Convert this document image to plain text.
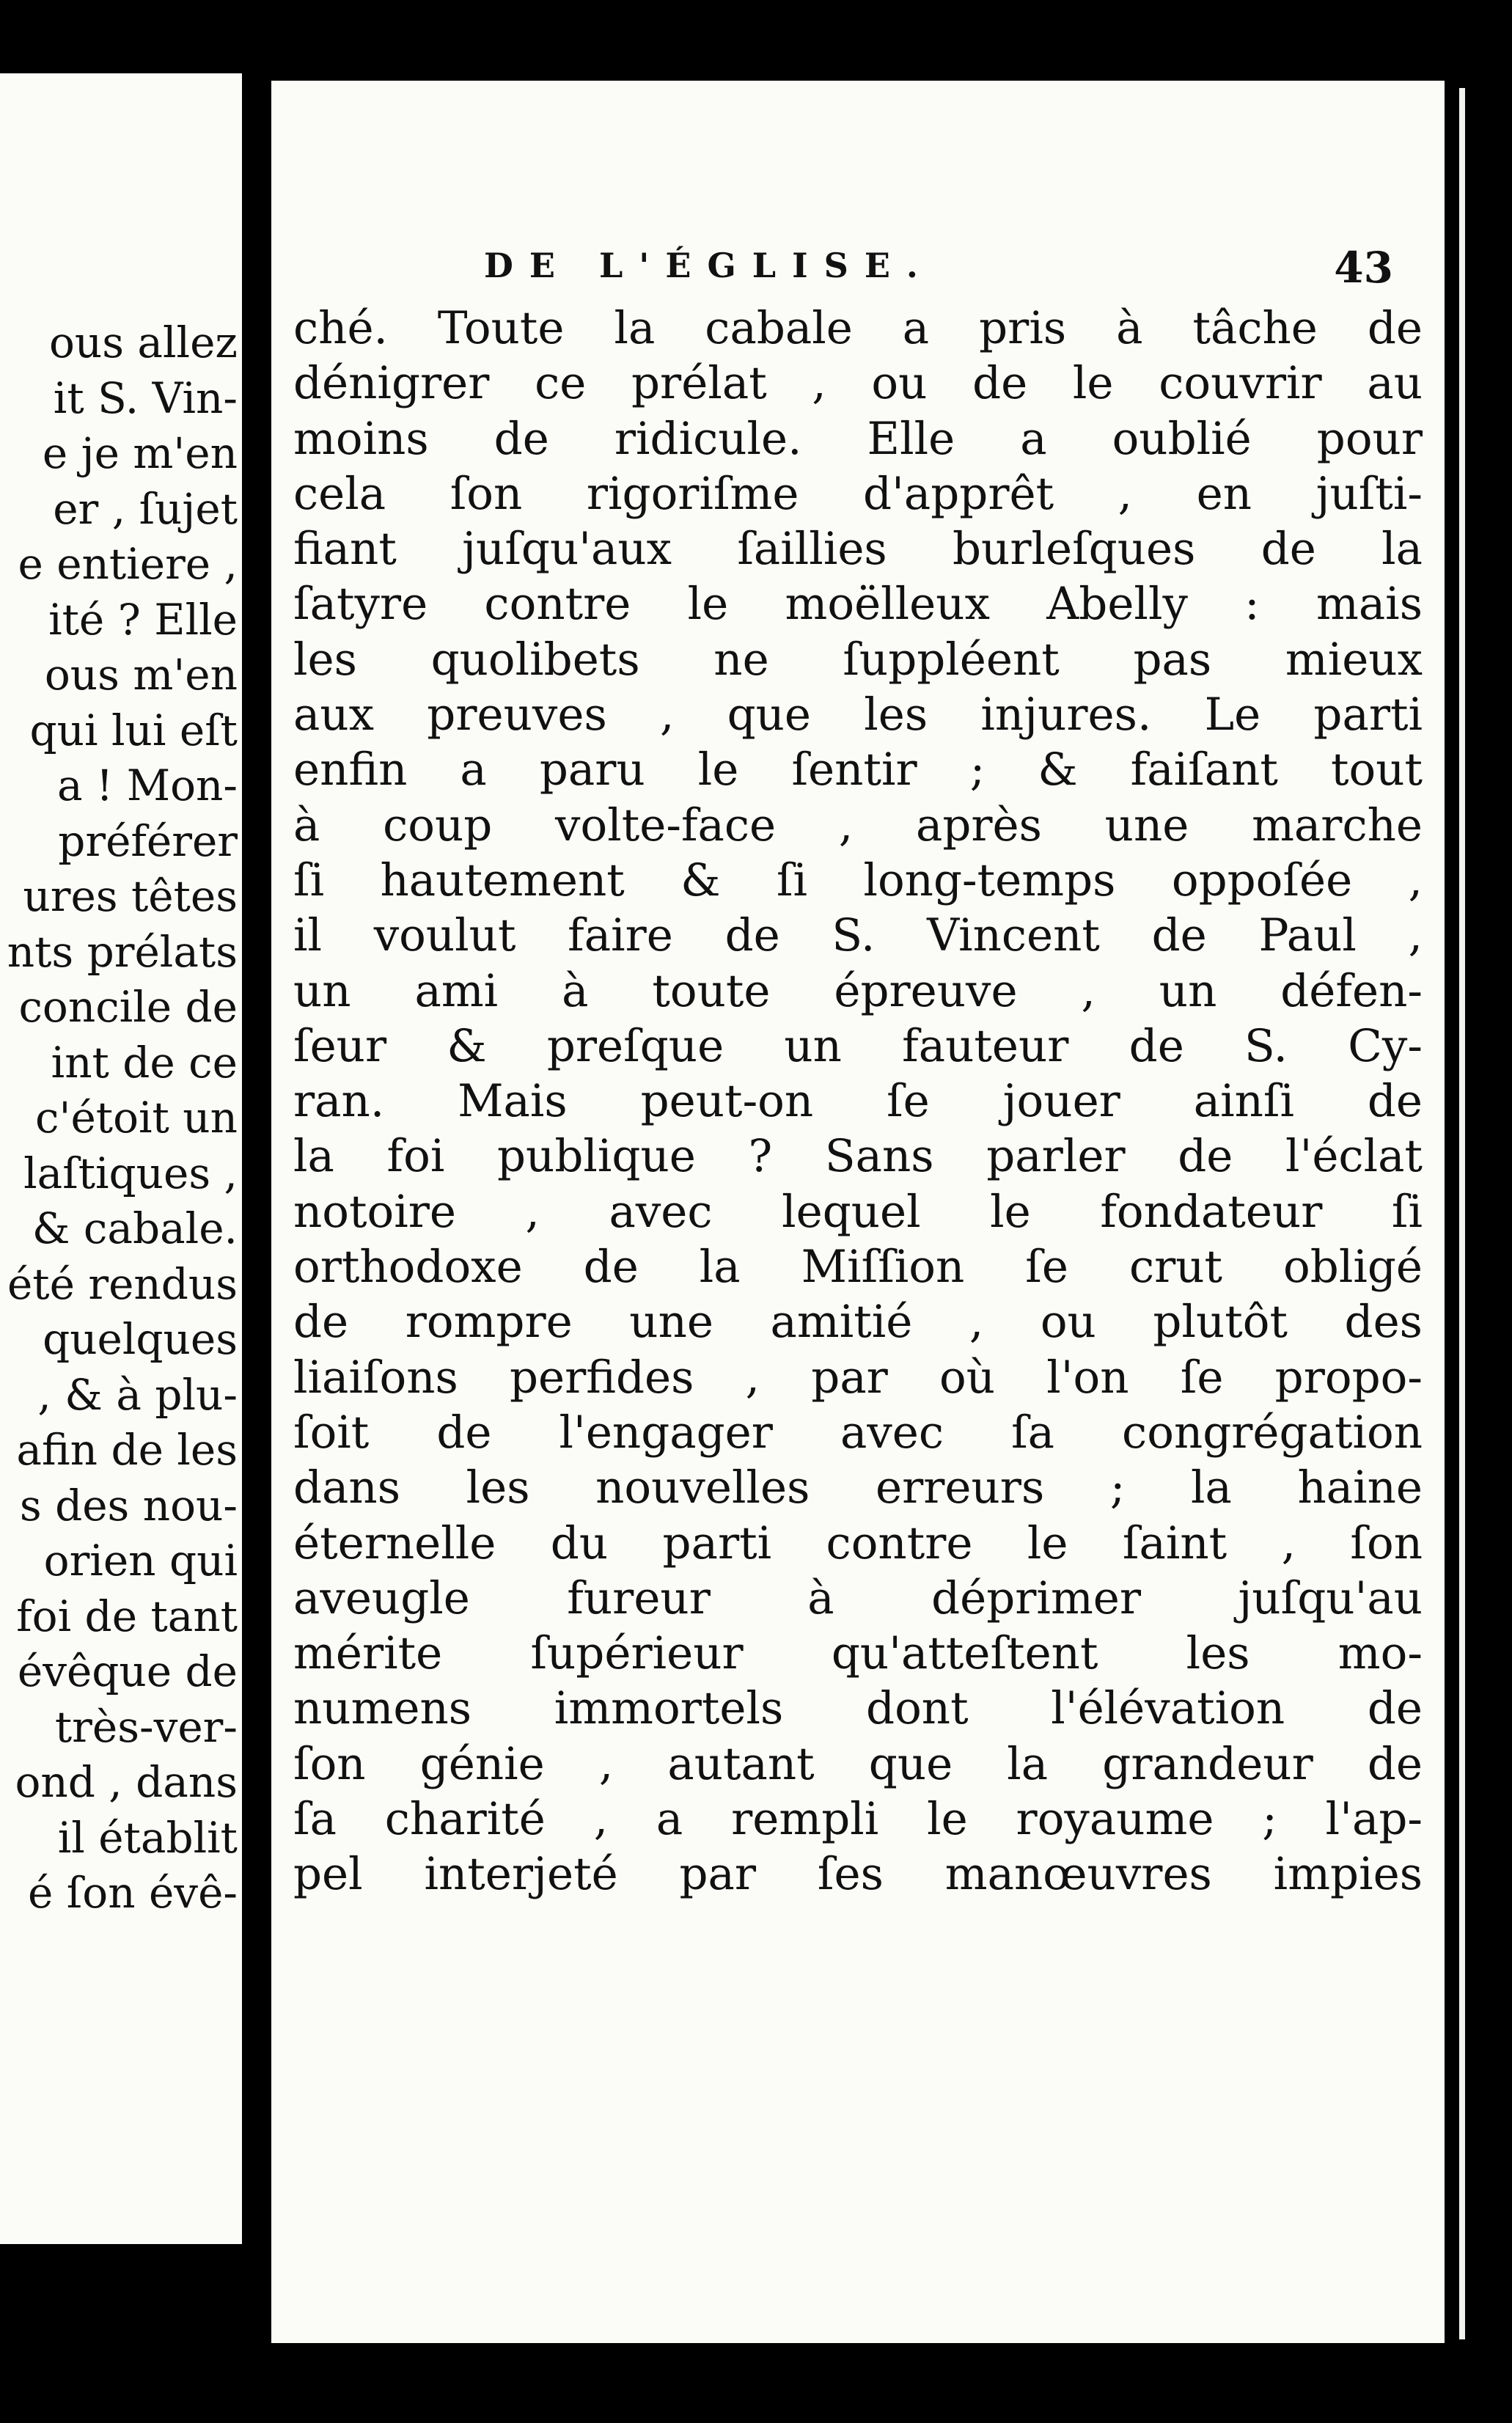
ous allez
it S. Vin-
e je m'en
er , ſujet
e entiere ,
ité ? Elle
ous m'en
qui lui eſt
a ! Mon-
préférer
ures têtes
nts prélats
concile de
int de ce
c'étoit un
laſtiques ,
& cabale.
été rendus
quelques
, & à plu-
afin de les
s des nou-
orien qui
foi de tant
évêque de
très-ver-
ond , dans
il établit
é ſon évê-
DE L'ÉGLISE.	43
ché. Toute la cabale a pris à tâche de
dénigrer ce prélat , ou de le couvrir au
moins de ridicule. Elle a oublié pour
cela ſon rigoriſme d'apprêt , en juſti-
fiant juſqu'aux ſaillies burleſques de la
ſatyre contre le moëlleux Abelly : mais
les quolibets ne ſuppléent pas mieux
aux preuves , que les injures. Le parti
enfin a paru le ſentir ; & faiſant tout
à coup volte-face , après une marche
ſi hautement & ſi long-temps oppoſée ,
il voulut faire de S. Vincent de Paul ,
un ami à toute épreuve , un défen-
ſeur & preſque un fauteur de S. Cy-
ran. Mais peut-on ſe jouer ainſi de
la foi publique ? Sans parler de l'éclat
notoire , avec lequel le fondateur ſi
orthodoxe de la Miſſion ſe crut obligé
de rompre une amitié , ou plutôt des
liaiſons perfides , par où l'on ſe propo-
ſoit de l'engager avec ſa congrégation
dans les nouvelles erreurs ; la haine
éternelle du parti contre le ſaint , ſon
aveugle fureur à déprimer juſqu'au
mérite ſupérieur qu'atteſtent les mo-
numens immortels dont l'élévation de
ſon génie , autant que la grandeur de
ſa charité , a rempli le royaume ; l'ap-
pel interjeté par ſes manœuvres impies
